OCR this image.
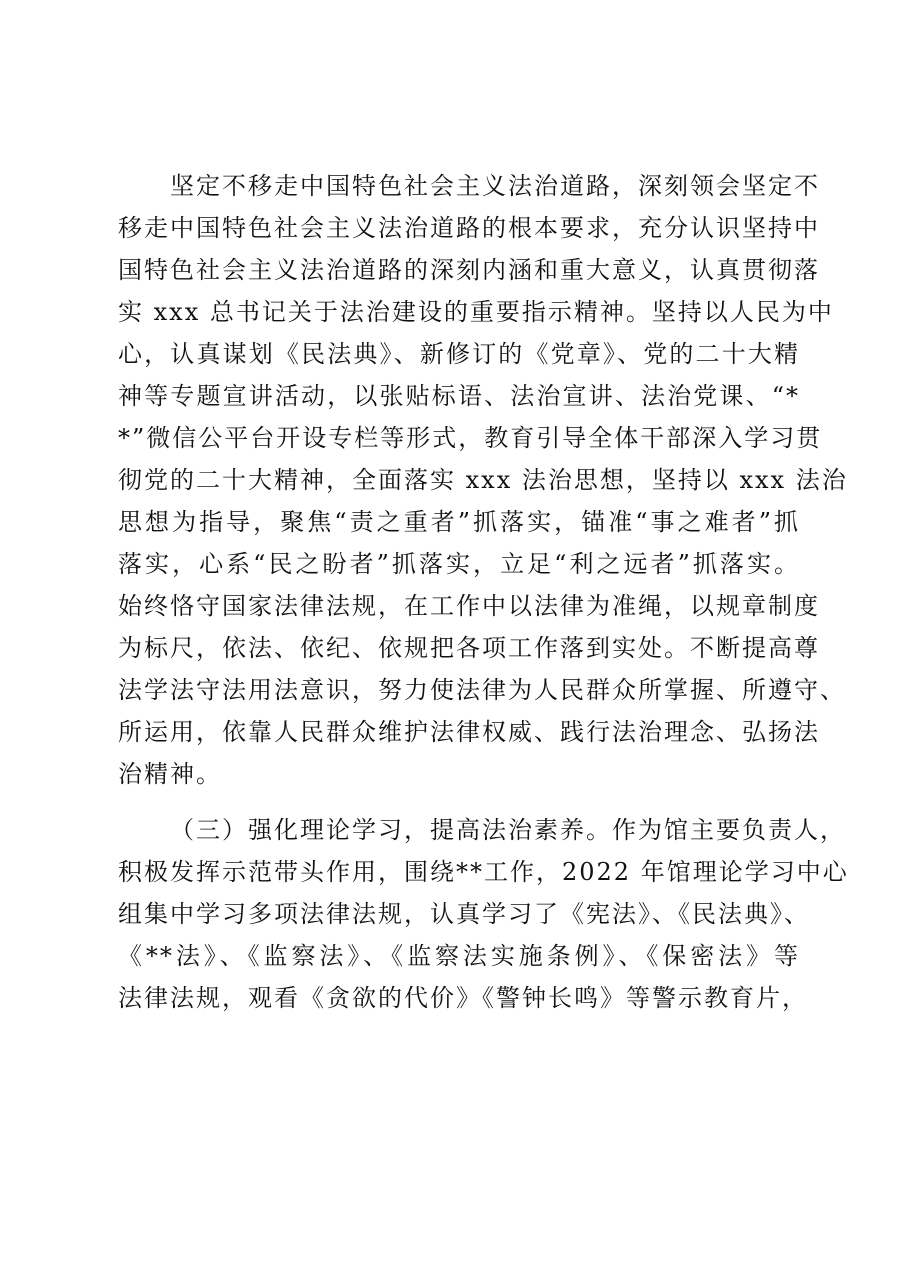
坚定不移走中国特色社会主义法治道路，深刻领会坚定不
移走中国特色社会主义法治道路的根本要求，充分认识坚持中
国特色社会主义法治道路的深刻内涵和重大意义，认真贯彻落
实 xxx 总书记关于法治建设的重要指示精神。坚持以人民为中
心，认真谋划《民法典》、新修订的《党章》、党的二十大精
神等专题宣讲活动，以张贴标语、法治宣讲、法治党课、“*
*”微信公平台开设专栏等形式，教育引导全体干部深入学习贯
彻党的二十大精神，全面落实 xxx 法治思想，坚持以 xxx 法治
思想为指导，聚焦“责之重者”抓落实，锚准“事之难者”抓
落实，心系“民之盼者”抓落实，立足“利之远者”抓落实。
始终恪守国家法律法规，在工作中以法律为准绳，以规章制度
为标尺，依法、依纪、依规把各项工作落到实处。不断提高尊
法学法守法用法意识，努力使法律为人民群众所掌握、所遵守、
所运用，依靠人民群众维护法律权威、践行法治理念、弘扬法
治精神。
（三）强化理论学习，提高法治素养。作为馆主要负责人，
积极发挥示范带头作用，围绕**工作，2022 年馆理论学习中心
组集中学习多项法律法规，认真学习了《宪法》、《民法典》、
《**法》、《监察法》、《监察法实施条例》、《保密法》等
法律法规，观看《贪欲的代价》《警钟长鸣》等警示教育片，
